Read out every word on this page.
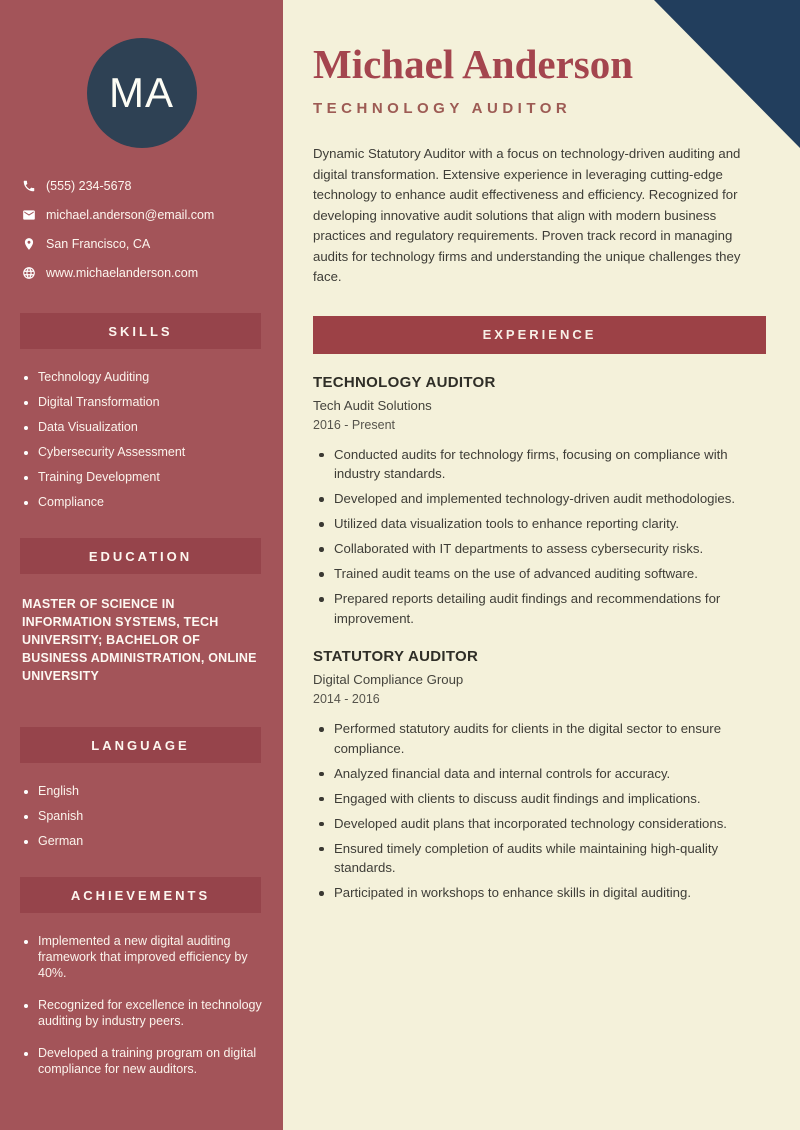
MA
(555) 234-5678
michael.anderson@email.com
San Francisco, CA
www.michaelanderson.com
SKILLS
Technology Auditing
Digital Transformation
Data Visualization
Cybersecurity Assessment
Training Development
Compliance
EDUCATION
MASTER OF SCIENCE IN INFORMATION SYSTEMS, TECH UNIVERSITY; BACHELOR OF BUSINESS ADMINISTRATION, ONLINE UNIVERSITY
LANGUAGE
English
Spanish
German
ACHIEVEMENTS
Implemented a new digital auditing framework that improved efficiency by 40%.
Recognized for excellence in technology auditing by industry peers.
Developed a training program on digital compliance for new auditors.
Michael Anderson
TECHNOLOGY AUDITOR

Dynamic Statutory Auditor with a focus on technology-driven auditing and digital transformation. Extensive experience in leveraging cutting-edge technology to enhance audit effectiveness and efficiency. Recognized for developing innovative audit solutions that align with modern business practices and regulatory requirements. Proven track record in managing audits for technology firms and understanding the unique challenges they face.

EXPERIENCE
TECHNOLOGY AUDITOR
Tech Audit Solutions
2016 - Present
Conducted audits for technology firms, focusing on compliance with industry standards.
Developed and implemented technology-driven audit methodologies.
Utilized data visualization tools to enhance reporting clarity.
Collaborated with IT departments to assess cybersecurity risks.
Trained audit teams on the use of advanced auditing software.
Prepared reports detailing audit findings and recommendations for improvement.
STATUTORY AUDITOR
Digital Compliance Group
2014 - 2016
Performed statutory audits for clients in the digital sector to ensure compliance.
Analyzed financial data and internal controls for accuracy.
Engaged with clients to discuss audit findings and implications.
Developed audit plans that incorporated technology considerations.
Ensured timely completion of audits while maintaining high-quality standards.
Participated in workshops to enhance skills in digital auditing.
